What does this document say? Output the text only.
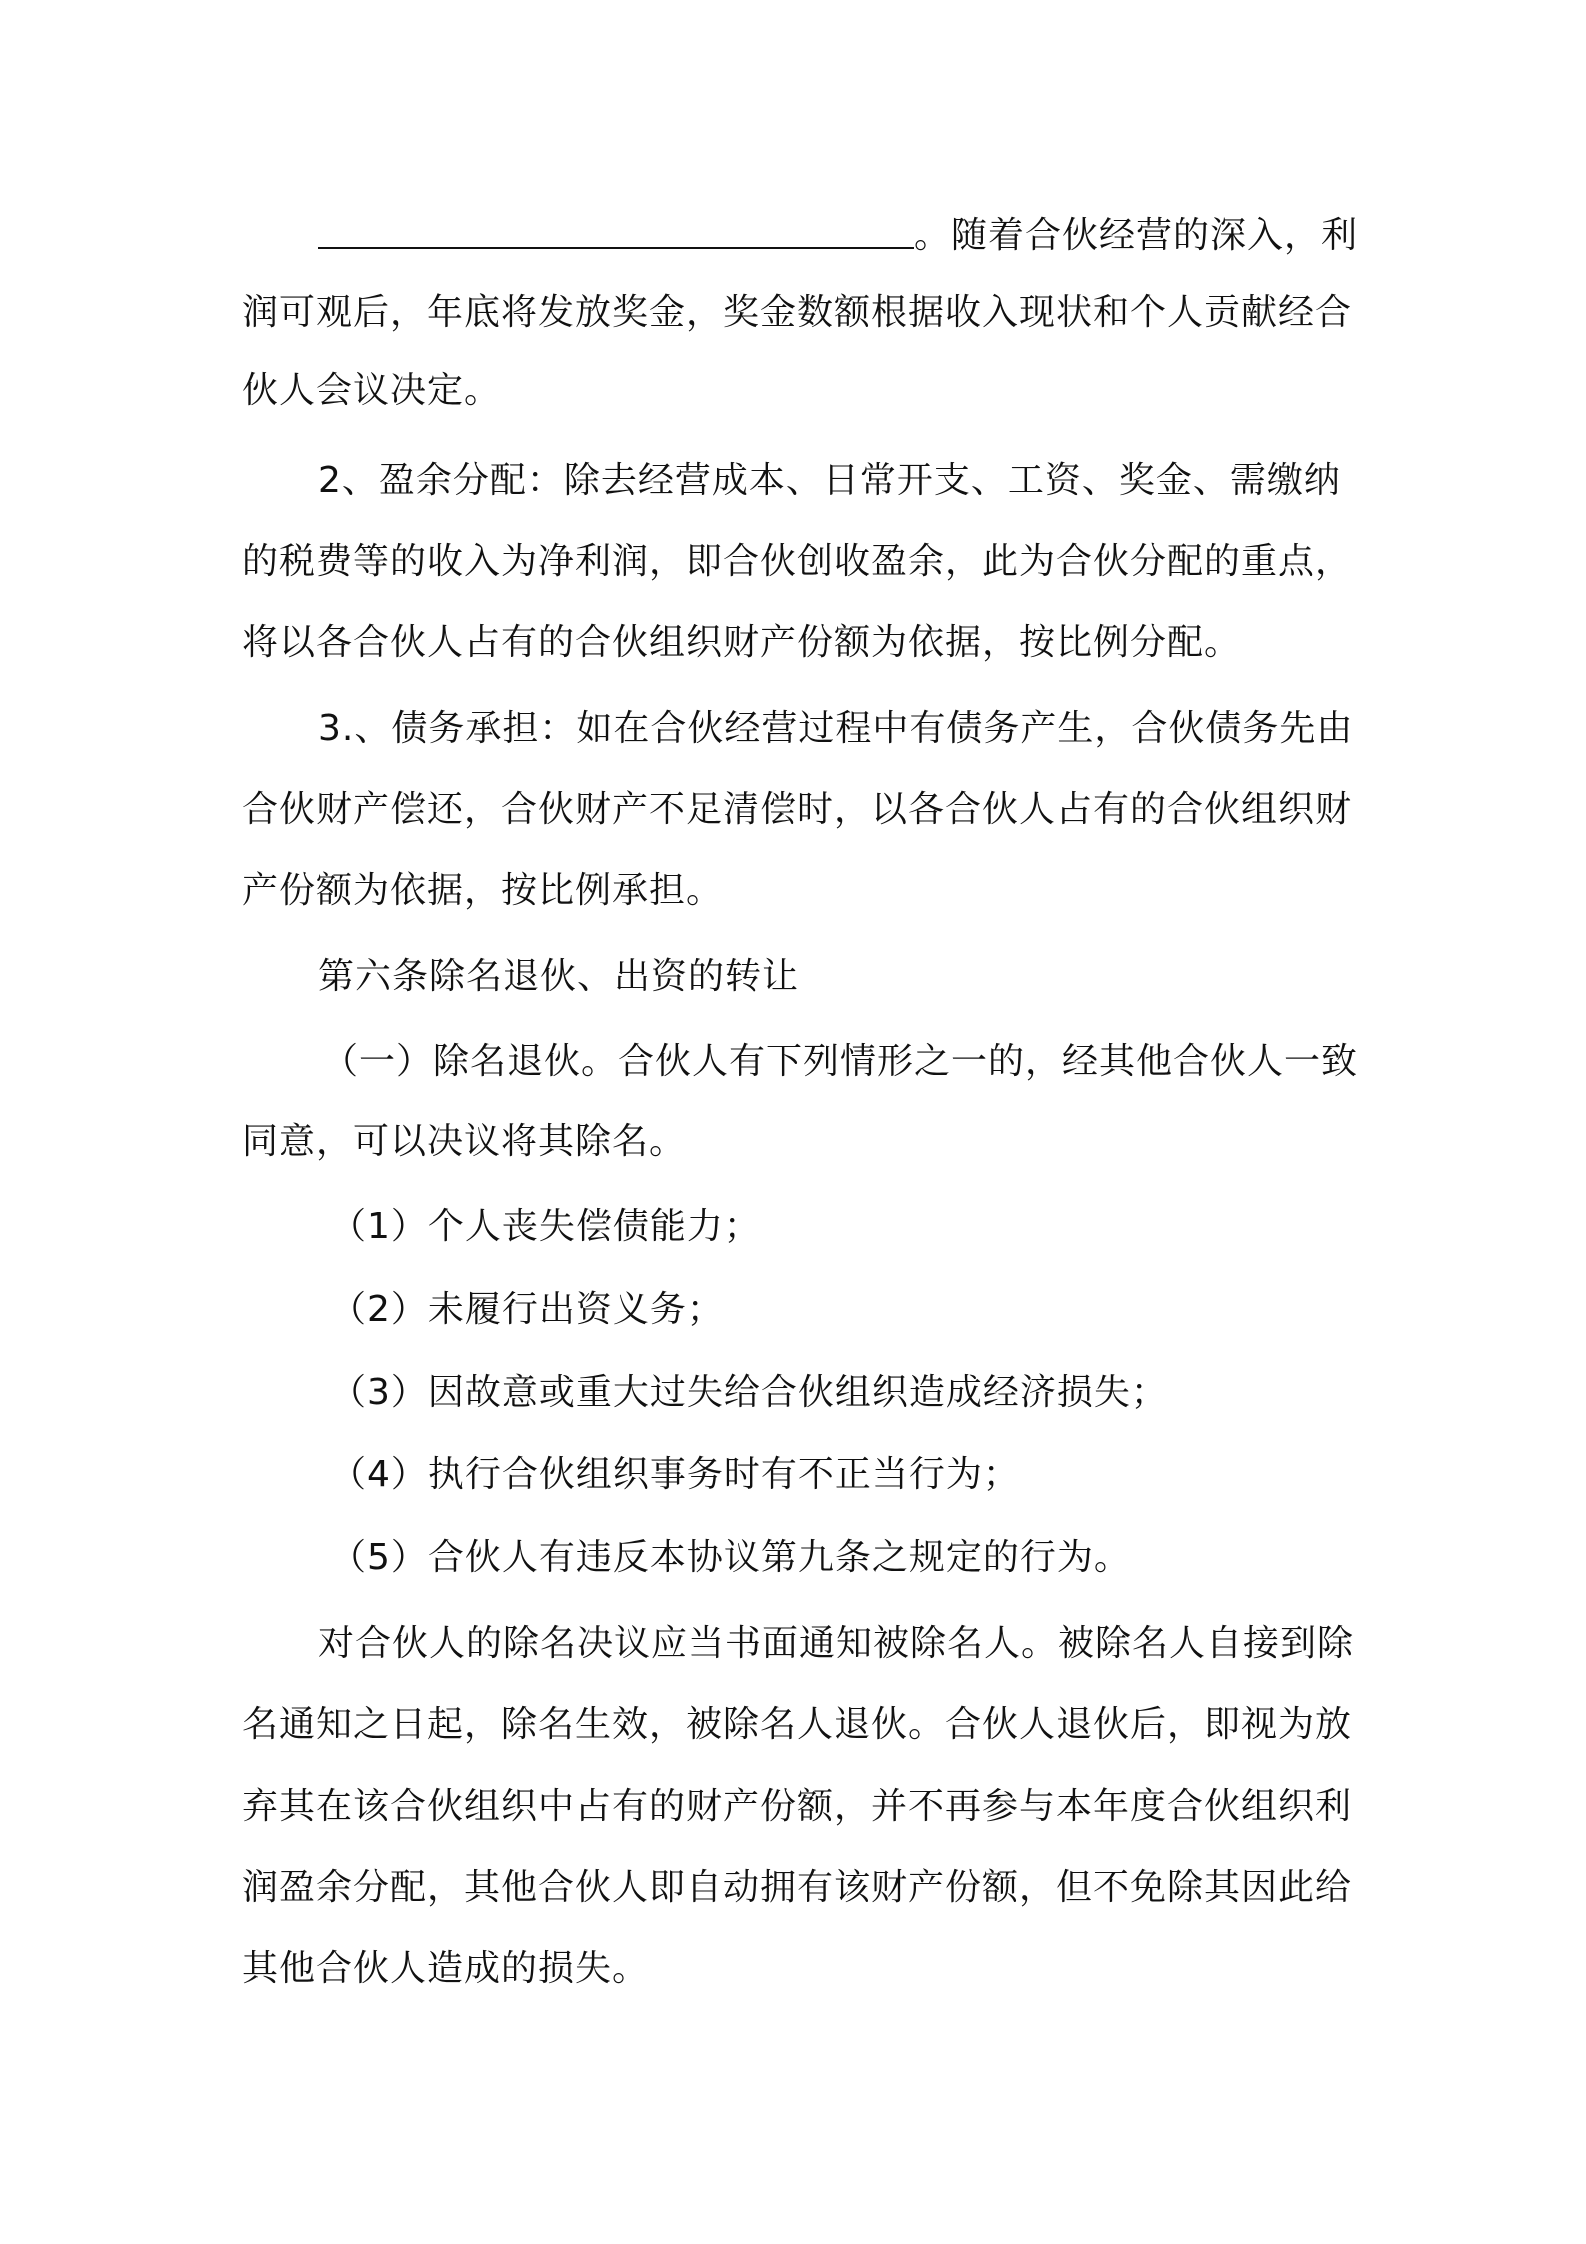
。随着合伙经营的深入，利
润可观后，年底将发放奖金，奖金数额根据收入现状和个人贡献经合
伙人会议决定。
2、盈余分配：除去经营成本、日常开支、工资、奖金、需缴纳
的税费等的收入为净利润，即合伙创收盈余，此为合伙分配的重点，
将以各合伙人占有的合伙组织财产份额为依据，按比例分配。
3.、债务承担：如在合伙经营过程中有债务产生，合伙债务先由
合伙财产偿还，合伙财产不足清偿时，以各合伙人占有的合伙组织财
产份额为依据，按比例承担。
第六条除名退伙、出资的转让
（一）除名退伙。合伙人有下列情形之一的，经其他合伙人一致
同意，可以决议将其除名。
（1）个人丧失偿债能力；
（2）未履行出资义务；
（3）因故意或重大过失给合伙组织造成经济损失；
（4）执行合伙组织事务时有不正当行为；
（5）合伙人有违反本协议第九条之规定的行为。
对合伙人的除名决议应当书面通知被除名人。被除名人自接到除
名通知之日起，除名生效，被除名人退伙。合伙人退伙后，即视为放
弃其在该合伙组织中占有的财产份额，并不再参与本年度合伙组织利
润盈余分配，其他合伙人即自动拥有该财产份额，但不免除其因此给
其他合伙人造成的损失。
